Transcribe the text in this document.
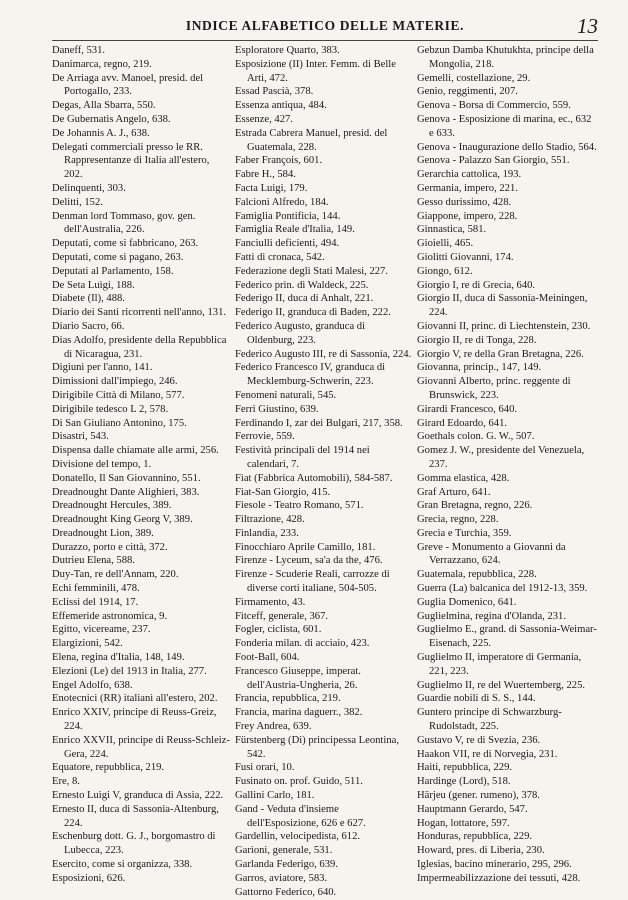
INDICE ALFABETICO DELLE MATERIE.	13
Daneff, 531.
Danimarca, regno, 219.
De Arriaga avv. Manoel, presid. del Portogallo, 233.
Degas, Alla Sbarra, 550.
De Gubernatis Angelo, 638.
De Johannis A. J., 638.
Delegati commerciali presso le RR. Rappresentanze di Italia all'estero, 202.
Delinquenti, 303.
Delitti, 152.
Denman lord Tommaso, gov. gen. dell'Australia, 226.
Deputati, come si fabbricano, 263.
Deputati, come si pagano, 263.
Deputati al Parlamento, 158.
De Seta Luigi, 188.
Diabete (Il), 488.
Diario dei Santi ricorrenti nell'anno, 131.
Diario Sacro, 66.
Dias Adolfo, presidente della Repubblica di Nicaragua, 231.
Digiuni per l'anno, 141.
Dimissioni dall'impiego, 246.
Dirigibile Città di Milano, 577.
Dirigibile tedesco L 2, 578.
Di San Giuliano Antonino, 175.
Disastri, 543.
Dispensa dalle chiamate alle armi, 256.
Divisione del tempo, 1.
Donatello, Il San Giovannino, 551.
Dreadnought Dante Alighieri, 383.
Dreadnought Hercules, 389.
Dreadnought King Georg V, 389.
Dreadnought Lion, 389.
Durazzo, porto e città, 372.
Dutrieu Elena, 588.
Duy-Tan, re dell'Annam, 220.
Echi femminili, 478.
Eclissi del 1914, 17.
Effemeride astronomica, 9.
Egitto, vicereame, 237.
Elargizioni, 542.
Elena, regina d'Italia, 148, 149.
Elezioni (Le) del 1913 in Italia, 277.
Engel Adolfo, 638.
Enotecnici (RR) italiani all'estero, 202.
Enrico XXIV, principe di Reuss-Greiz, 224.
Enrico XXVII, principe di Reuss-Schleiz-Gera, 224.
Equatore, repubblica, 219.
Ere, 8.
Ernesto Luigi V, granduca di Assia, 222.
Ernesto II, duca di Sassonia-Altenburg, 224.
Eschenburg dott. G. J., borgomastro di Lubecca, 223.
Esercito, come si organizza, 338.
Esposizioni, 626.
Esploratore Quarto, 383.
Esposizione (II) Inter. Femm. di Belle Arti, 472.
Essad Pascià, 378.
Essenza antiqua, 484.
Essenze, 427.
Estrada Cabrera Manuel, presid. del Guatemala, 228.
Faber François, 601.
Fabre H., 584.
Facta Luigi, 179.
Falcioni Alfredo, 184.
Famiglia Pontificia, 144.
Famiglia Reale d'Italia, 149.
Fanciulli deficienti, 494.
Fatti di cronaca, 542.
Federazione degli Stati Malesi, 227.
Federico prin. di Waldeck, 225.
Federigo II, duca di Anhalt, 221.
Federigo II, granduca di Baden, 222.
Federico Augusto, granduca di Oldenburg, 223.
Federico Augusto III, re di Sassonia, 224.
Federico Francesco IV, granduca di Mecklemburg-Schwerin, 223.
Fenomeni naturali, 545.
Ferri Giustino, 639.
Ferdinando I, zar dei Bulgari, 217, 358.
Ferrovie, 559.
Festività principali del 1914 nei calendari, 7.
Fiat (Fabbrica Automobili), 584-587.
Fiat-San Giorgio, 415.
Fiesole - Teatro Romano, 571.
Filtrazione, 428.
Finlandia, 233.
Finocchiaro Aprile Camillo, 181.
Firenze - Lyceum, sa'a da the, 476.
Firenze - Scuderie Reali, carrozze di diverse corti italiane, 504-505.
Firmamento, 43.
Fitceff, generale, 367.
Fogler, ciclista, 601.
Fonderia milan. di acciaio, 423.
Foot-Ball, 604.
Francesco Giuseppe, imperat. dell'Austria-Ungheria, 26.
Francia, repubblica, 219.
Francia, marina daguerr., 382.
Frey Andrea, 639.
Fürstenberg (Di) principessa Leontina, 542.
Fusi orari, 10.
Fusinato on. prof. Guido, 511.
Gallini Carlo, 181.
Gand - Veduta d'insieme dell'Esposizione, 626 e 627.
Gardellin, velocipedista, 612.
Garioni, generale, 531.
Garlanda Federigo, 639.
Garros, aviatore, 583.
Gattorno Federico, 640.
Gebzun Damba Khutukhta, principe della Mongolia, 218.
Gemelli, costellazione, 29.
Genio, reggimenti, 207.
Genova - Borsa di Commercio, 559.
Genova - Esposizione di marina, ec., 632 e 633.
Genova - Inaugurazione dello Stadio, 564.
Genova - Palazzo San Giorgio, 551.
Gerarchia cattolica, 193.
Germania, impero, 221.
Gesso durissimo, 428.
Giappone, impero, 228.
Ginnastica, 581.
Gioielli, 465.
Giolitti Giovanni, 174.
Giongo, 612.
Giorgio I, re di Grecia, 640.
Giorgio II, duca di Sassonia-Meiningen, 224.
Giovanni II, princ. di Liechtenstein, 230.
Giorgio II, re di Tonga, 228.
Giorgio V, re della Gran Bretagna, 226.
Giovanna, princip., 147, 149.
Giovanni Alberto, princ. reggente di Brunswick, 223.
Girardi Francesco, 640.
Girard Edoardo, 641.
Goethals colon. G. W., 507.
Gomez J. W., presidente del Venezuela, 237.
Gomma elastica, 428.
Graf Arturo, 641.
Gran Bretagna, regno, 226.
Grecia, regno, 228.
Grecia e Turchia, 359.
Greve - Monumento a Giovanni da Verrazzano, 624.
Guatemala, repubblica, 228.
Guerra (La) balcanica del 1912-13, 359.
Guglia Domenico, 641.
Guglielmina, regina d'Olanda, 231.
Guglielmo E., grand. di Sassonia-Weimar-Eisenach, 225.
Guglielmo II, imperatore di Germania, 221, 223.
Guglielmo II, re del Wuertemberg, 225.
Guardie nobili di S. S., 144.
Guntero principe di Schwarzburg-Rudolstadt, 225.
Gustavo V, re di Svezia, 236.
Haakon VII, re di Norvegia, 231.
Haiti, repubblica, 229.
Hardinge (Lord), 518.
Härjeu (gener. rumeno), 378.
Hauptmann Gerardo, 547.
Hogan, lottatore, 597.
Honduras, repubblica, 229.
Howard, pres. di Liberia, 230.
Iglesias, bacino minerario, 295, 296.
Impermeabilizzazione dei tessuti, 428.
